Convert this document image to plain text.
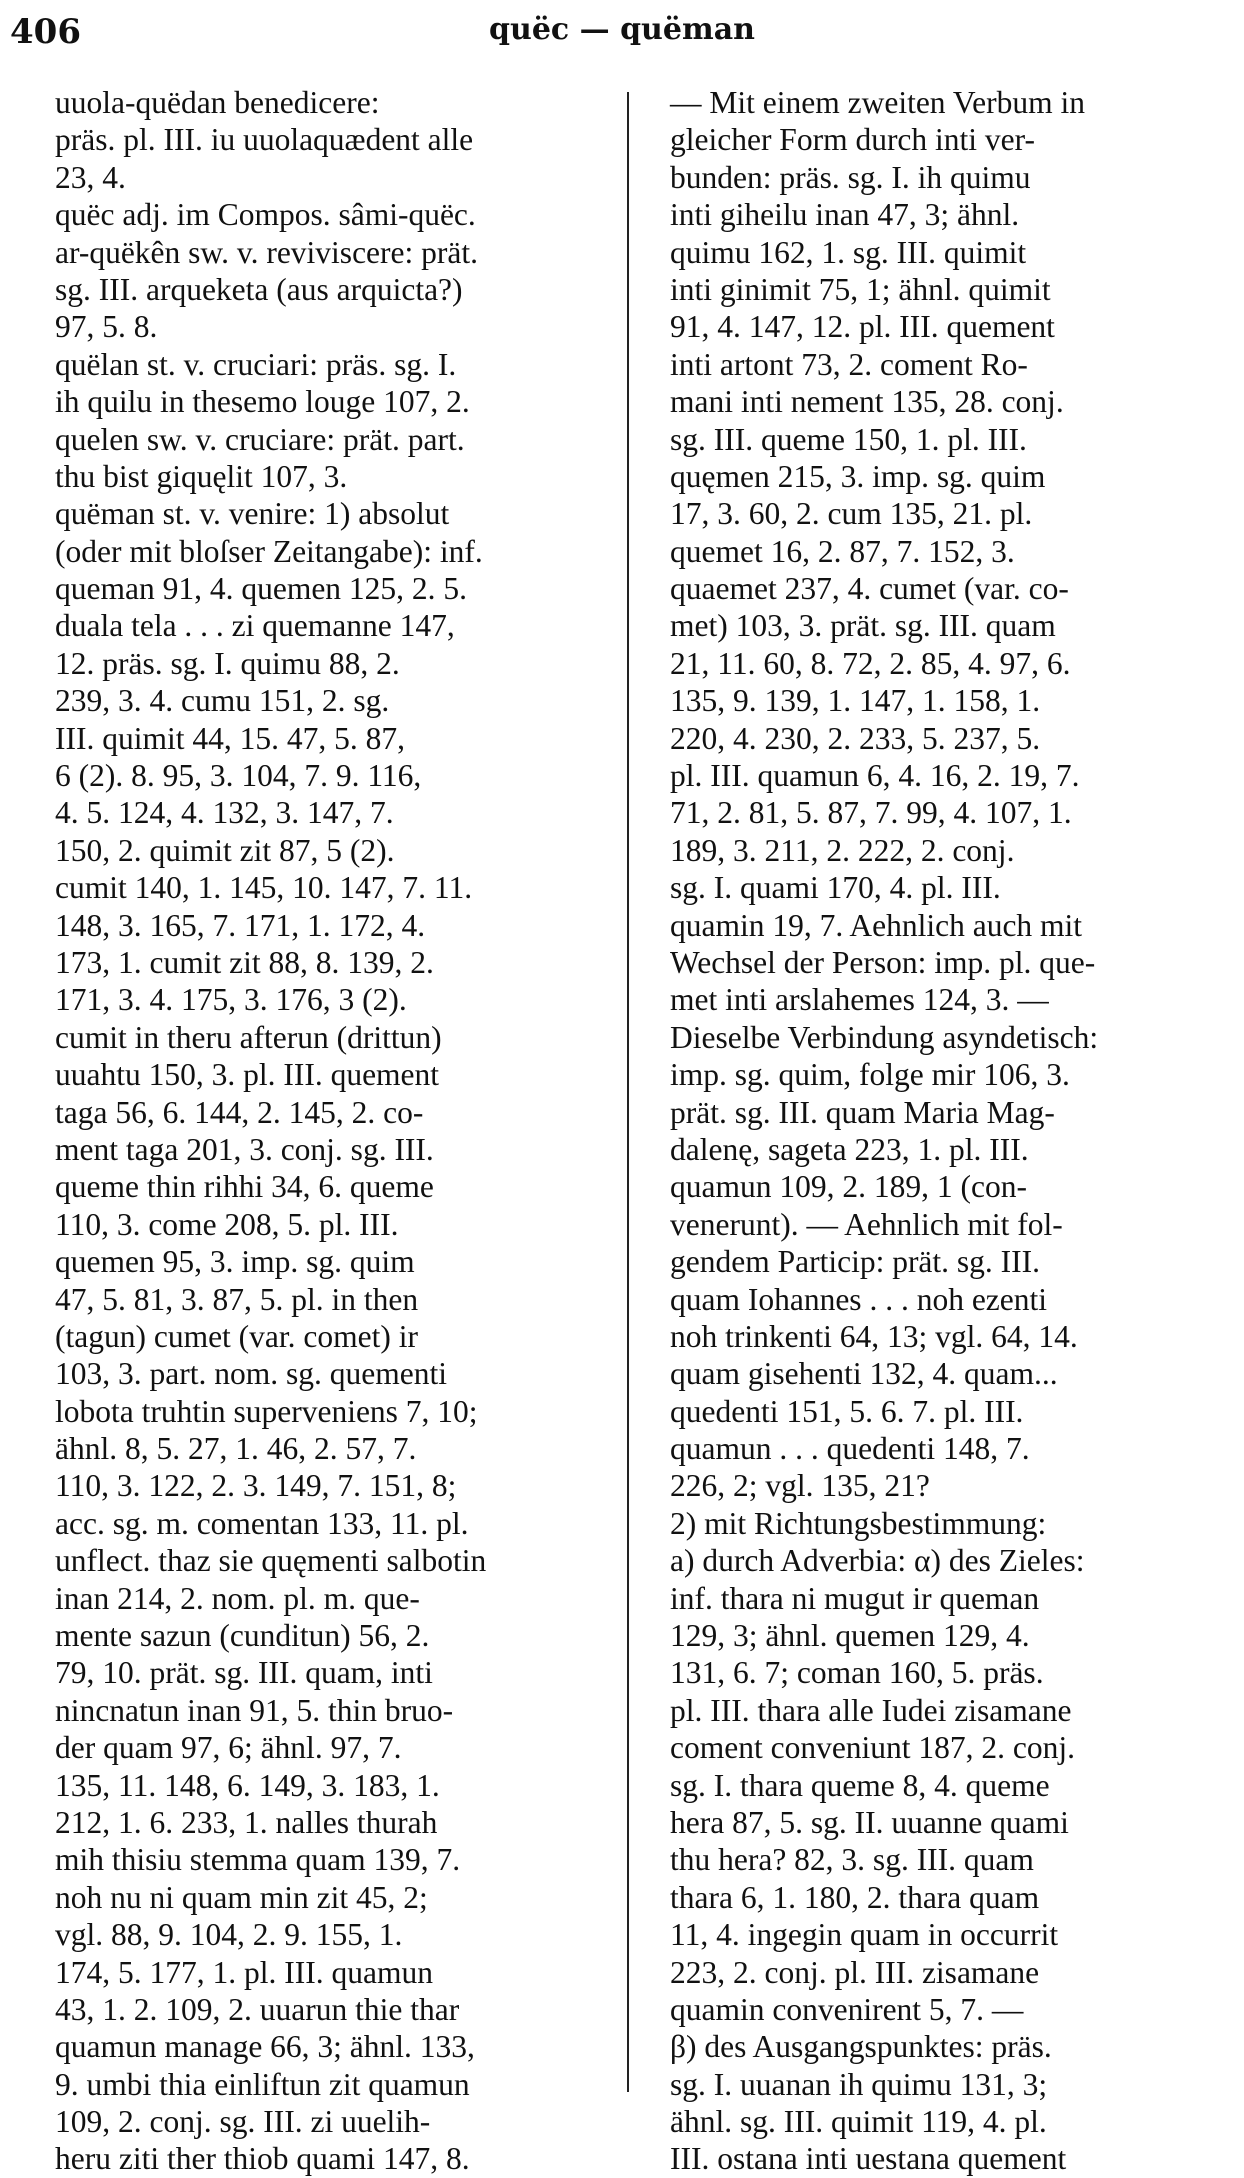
406	quëc — quëman
uuola-quëdan benedicere:
präs. pl. III. iu uuolaquædent alle
23, 4.
quëc adj. im Compos. sâmi-quëc.
ar-quëkên sw. v. reviviscere: prät.
sg. III. arqueketa (aus arquicta?)
97, 5. 8.
quëlan st. v. cruciari: präs. sg. I.
ih quilu in thesemo louge 107, 2.
quelen sw. v. cruciare: prät. part.
thu bist giquęlit 107, 3.
quëman st. v. venire: 1) absolut
(oder mit bloſser Zeitangabe): inf.
queman 91, 4. quemen 125, 2. 5.
duala tela . . . zi quemanne 147,
12. präs. sg. I. quimu 88, 2.
239, 3. 4. cumu 151, 2. sg.
III. quimit 44, 15. 47, 5. 87,
6 (2). 8. 95, 3. 104, 7. 9. 116,
4. 5. 124, 4. 132, 3. 147, 7.
150, 2. quimit zit 87, 5 (2).
cumit 140, 1. 145, 10. 147, 7. 11.
148, 3. 165, 7. 171, 1. 172, 4.
173, 1. cumit zit 88, 8. 139, 2.
171, 3. 4. 175, 3. 176, 3 (2).
cumit in theru afterun (drittun)
uuahtu 150, 3. pl. III. quement
taga 56, 6. 144, 2. 145, 2. co-
ment taga 201, 3. conj. sg. III.
queme thin rihhi 34, 6. queme
110, 3. come 208, 5. pl. III.
quemen 95, 3. imp. sg. quim
47, 5. 81, 3. 87, 5. pl. in then
(tagun) cumet (var. comet) ir
103, 3. part. nom. sg. quementi
lobota truhtin superveniens 7, 10;
ähnl. 8, 5. 27, 1. 46, 2. 57, 7.
110, 3. 122, 2. 3. 149, 7. 151, 8;
acc. sg. m. comentan 133, 11. pl.
unflect. thaz sie quęmenti salbotin
inan 214, 2. nom. pl. m. que-
mente sazun (cunditun) 56, 2.
79, 10. prät. sg. III. quam, inti
nincnatun inan 91, 5. thin bruo-
der quam 97, 6; ähnl. 97, 7.
135, 11. 148, 6. 149, 3. 183, 1.
212, 1. 6. 233, 1. nalles thurah
mih thisiu stemma quam 139, 7.
noh nu ni quam min zit 45, 2;
vgl. 88, 9. 104, 2. 9. 155, 1.
174, 5. 177, 1. pl. III. quamun
43, 1. 2. 109, 2. uuarun thie thar
quamun manage 66, 3; ähnl. 133,
9. umbi thia einliftun zit quamun
109, 2. conj. sg. III. zi uuelih-
heru ziti ther thiob quami 147, 8.
— Mit einem zweiten Verbum in
gleicher Form durch inti ver-
bunden: präs. sg. I. ih quimu
inti giheilu inan 47, 3; ähnl.
quimu 162, 1. sg. III. quimit
inti ginimit 75, 1; ähnl. quimit
91, 4. 147, 12. pl. III. quement
inti artont 73, 2. coment Ro-
mani inti nement 135, 28. conj.
sg. III. queme 150, 1. pl. III.
quęmen 215, 3. imp. sg. quim
17, 3. 60, 2. cum 135, 21. pl.
quemet 16, 2. 87, 7. 152, 3.
quaemet 237, 4. cumet (var. co-
met) 103, 3. prät. sg. III. quam
21, 11. 60, 8. 72, 2. 85, 4. 97, 6.
135, 9. 139, 1. 147, 1. 158, 1.
220, 4. 230, 2. 233, 5. 237, 5.
pl. III. quamun 6, 4. 16, 2. 19, 7.
71, 2. 81, 5. 87, 7. 99, 4. 107, 1.
189, 3. 211, 2. 222, 2. conj.
sg. I. quami 170, 4. pl. III.
quamin 19, 7. Aehnlich auch mit
Wechsel der Person: imp. pl. que-
met inti arslahemes 124, 3. —
Dieselbe Verbindung asyndetisch:
imp. sg. quim, folge mir 106, 3.
prät. sg. III. quam Maria Mag-
dalenę, sageta 223, 1. pl. III.
quamun 109, 2. 189, 1 (con-
venerunt). — Aehnlich mit fol-
gendem Particip: prät. sg. III.
quam Iohannes . . . noh ezenti
noh trinkenti 64, 13; vgl. 64, 14.
quam gisehenti 132, 4. quam...
quedenti 151, 5. 6. 7. pl. III.
quamun . . . quedenti 148, 7.
226, 2; vgl. 135, 21?
2) mit Richtungsbestimmung:
a) durch Adverbia: α) des Zieles:
inf. thara ni mugut ir queman
129, 3; ähnl. quemen 129, 4.
131, 6. 7; coman 160, 5. präs.
pl. III. thara alle Iudei zisamane
coment conveniunt 187, 2. conj.
sg. I. thara queme 8, 4. queme
hera 87, 5. sg. II. uuanne quami
thu hera? 82, 3. sg. III. quam
thara 6, 1. 180, 2. thara quam
11, 4. ingegin quam in occurrit
223, 2. conj. pl. III. zisamane
quamin convenirent 5, 7. —
β) des Ausgangspunktes: präs.
sg. I. uuanan ih quimu 131, 3;
ähnl. sg. III. quimit 119, 4. pl.
III. ostana inti uestana quement
